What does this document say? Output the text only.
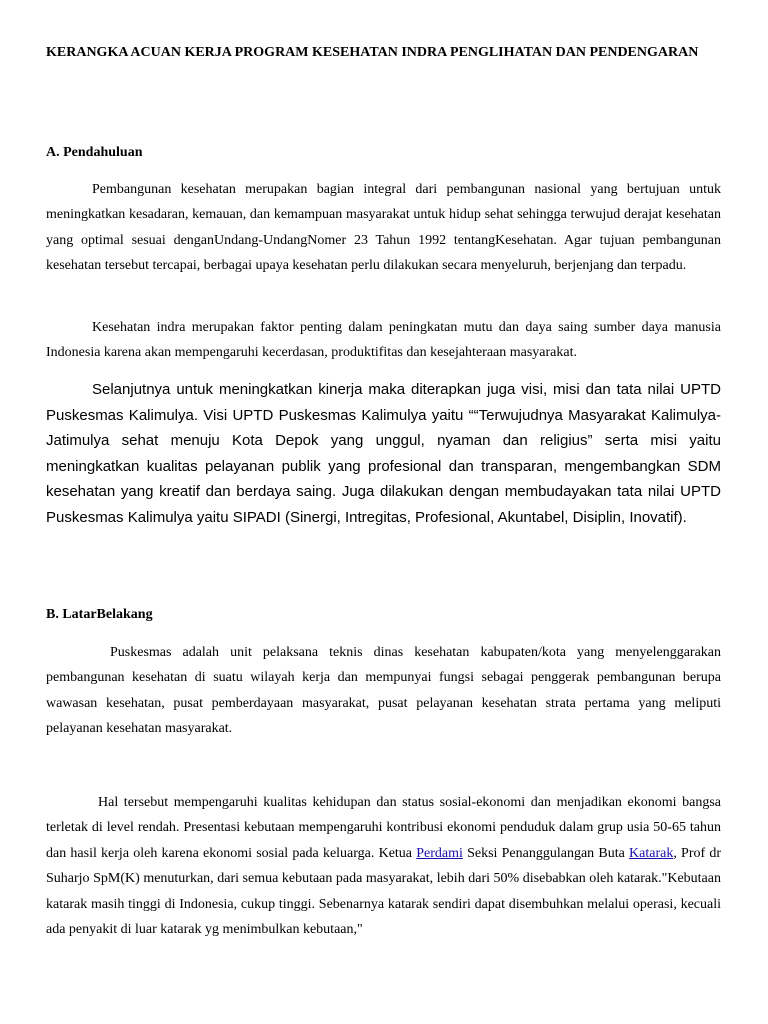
KERANGKA ACUAN KERJA PROGRAM KESEHATAN INDRA PENGLIHATAN DAN PENDENGARAN
A. Pendahuluan

Pembangunan kesehatan merupakan bagian integral dari pembangunan nasional yang bertujuan untuk meningkatkan kesadaran, kemauan, dan kemampuan masyarakat untuk hidup sehat sehingga terwujud derajat kesehatan yang optimal sesuai denganUndang-UndangNomer 23 Tahun 1992 tentangKesehatan. Agar tujuan pembangunan kesehatan tersebut tercapai, berbagai upaya kesehatan perlu dilakukan secara menyeluruh, berjenjang dan terpadu.

Kesehatan indra merupakan faktor penting dalam peningkatan mutu dan daya saing sumber daya manusia Indonesia karena akan mempengaruhi kecerdasan, produktifitas dan kesejahteraan masyarakat.

Selanjutnya untuk meningkatkan kinerja maka diterapkan juga visi, misi dan tata nilai UPTD Puskesmas Kalimulya. Visi UPTD Puskesmas Kalimulya yaitu ““Terwujudnya Masyarakat Kalimulya-Jatimulya sehat menuju Kota Depok yang unggul, nyaman dan religius” serta misi yaitu meningkatkan kualitas pelayanan publik yang profesional dan transparan, mengembangkan SDM kesehatan yang kreatif dan berdaya saing. Juga dilakukan dengan membudayakan tata nilai UPTD Puskesmas Kalimulya yaitu SIPADI (Sinergi, Intregitas, Profesional, Akuntabel, Disiplin, Inovatif).

B. LatarBelakang

Puskesmas adalah unit pelaksana teknis dinas kesehatan kabupaten/kota yang menyelenggarakan pembangunan kesehatan di suatu wilayah kerja dan mempunyai fungsi sebagai penggerak pembangunan berupa wawasan kesehatan, pusat pemberdayaan masyarakat, pusat pelayanan kesehatan strata pertama yang meliputi pelayanan kesehatan masyarakat.

Hal tersebut mempengaruhi kualitas kehidupan dan status sosial-ekonomi dan menjadikan ekonomi bangsa terletak di level rendah. Presentasi kebutaan mempengaruhi kontribusi ekonomi penduduk dalam grup usia 50-65 tahun dan hasil kerja oleh karena ekonomi sosial pada keluarga. Ketua Perdami Seksi Penanggulangan Buta Katarak, Prof dr Suharjo SpM(K) menuturkan, dari semua kebutaan pada masyarakat, lebih dari 50% disebabkan oleh katarak."Kebutaan katarak masih tinggi di Indonesia, cukup tinggi. Sebenarnya katarak sendiri dapat disembuhkan melalui operasi, kecuali ada penyakit di luar katarak yg menimbulkan kebutaan,"
